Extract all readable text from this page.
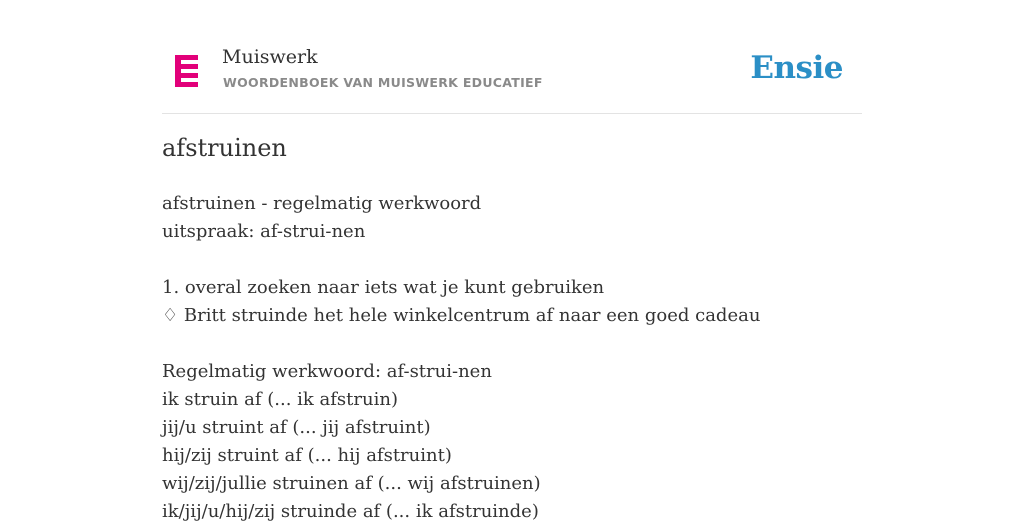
Muiswerk
WOORDENBOEK VAN MUISWERK EDUCATIEF	Ensie
afstruinen
afstruinen - regelmatig werkwoord
uitspraak: af-strui-nen
1. overal zoeken naar iets wat je kunt gebruiken
♢ Britt struinde het hele winkelcentrum af naar een goed cadeau
Regelmatig werkwoord: af-strui-nen
ik struin af (... ik afstruin)
jij/u struint af (... jij afstruint)
hij/zij struint af (... hij afstruint)
wij/zij/jullie struinen af (... wij afstruinen)
ik/jij/u/hij/zij struinde af (... ik afstruinde)
